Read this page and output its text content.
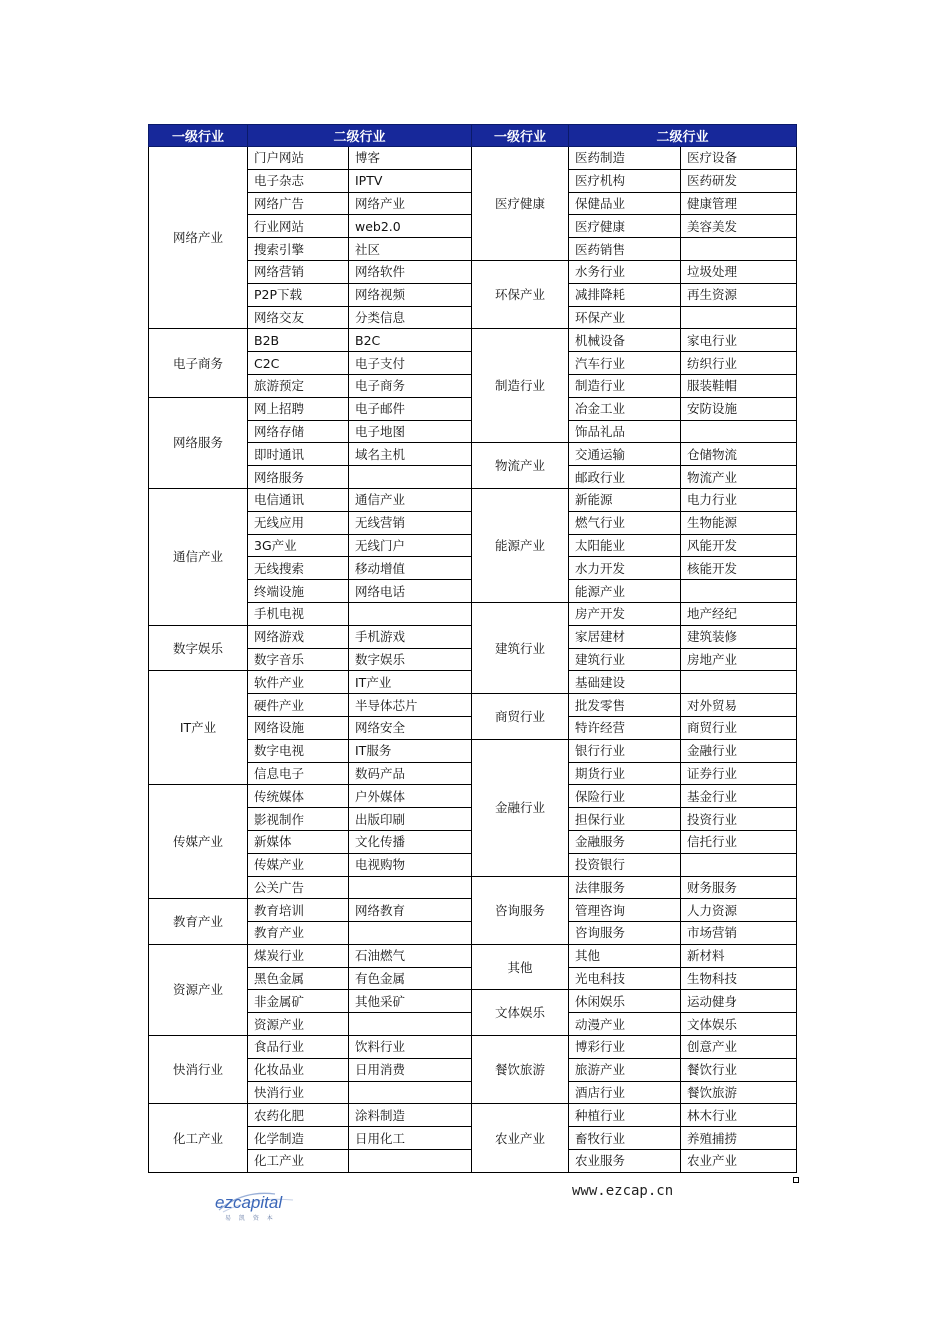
一级行业	二级行业		一级行业	二级行业	
网络产业	门户网站	博客	医疗健康	医药制造	医疗设备
	电子杂志	IPTV		医疗机构	医药研发
	网络广告	网络产业		保健品业	健康管理
	行业网站	web2.0		医疗健康	美容美发
	搜索引擎	社区		医药销售	
	网络营销	网络软件	环保产业	水务行业	垃圾处理
	P2P下载	网络视频		减排降耗	再生资源
	网络交友	分类信息		环保产业	
电子商务	B2B	B2C	制造行业	机械设备	家电行业
	C2C	电子支付		汽车行业	纺织行业
	旅游预定	电子商务		制造行业	服装鞋帽
网络服务	网上招聘	电子邮件		冶金工业	安防设施
	网络存储	电子地图		饰品礼品	
	即时通讯	域名主机	物流产业	交通运输	仓储物流
	网络服务			邮政行业	物流产业
通信产业	电信通讯	通信产业	能源产业	新能源	电力行业
	无线应用	无线营销		燃气行业	生物能源
	3G产业	无线门户		太阳能业	风能开发
	无线搜索	移动增值		水力开发	核能开发
	终端设施	网络电话		能源产业	
	手机电视		建筑行业	房产开发	地产经纪
数字娱乐	网络游戏	手机游戏		家居建材	建筑装修
	数字音乐	数字娱乐		建筑行业	房地产业
IT产业	软件产业	IT产业		基础建设	
	硬件产业	半导体芯片	商贸行业	批发零售	对外贸易
	网络设施	网络安全		特许经营	商贸行业
	数字电视	IT服务	金融行业	银行行业	金融行业
	信息电子	数码产品		期货行业	证券行业
传媒产业	传统媒体	户外媒体		保险行业	基金行业
	影视制作	出版印刷		担保行业	投资行业
	新媒体	文化传播		金融服务	信托行业
	传媒产业	电视购物		投资银行	
	公关广告		咨询服务	法律服务	财务服务
教育产业	教育培训	网络教育		管理咨询	人力资源
	教育产业			咨询服务	市场营销
资源产业	煤炭行业	石油燃气	其他	其他	新材料
	黑色金属	有色金属		光电科技	生物科技
	非金属矿	其他采矿	文体娱乐	休闲娱乐	运动健身
	资源产业			动漫产业	文体娱乐
快消行业	食品行业	饮料行业	餐饮旅游	博彩行业	创意产业
	化妆品业	日用消费		旅游产业	餐饮行业
	快消行业			酒店行业	餐饮旅游
化工产业	农药化肥	涂料制造	农业产业	种植行业	林木行业
	化学制造	日用化工		畜牧行业	养殖捕捞
	化工产业			农业服务	农业产业
ezcapital
易 凯 资 本
www.ezcap.cn
